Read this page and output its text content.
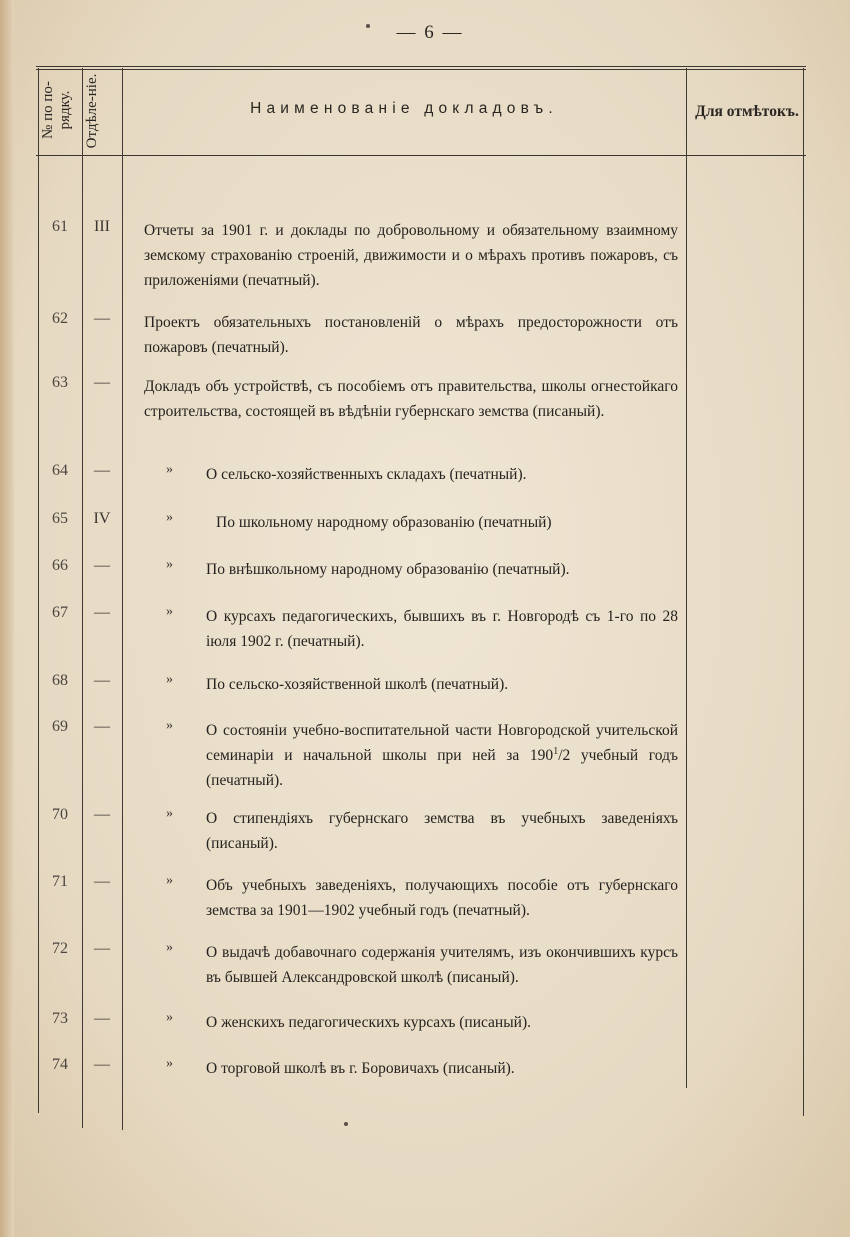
— 6 —
№ по по-рядку. Отдѣле-ніе.	Наименованіе докладовъ.	Для отмѣтокъ.
61	III	Отчеты за 1901 г. и доклады по добровольному и обязательному взаимному земскому страхованію строеній, движимости и о мѣрахъ противъ пожаровъ, съ приложеніями (печатный).
62	—	Проектъ обязательныхъ постановленій о мѣрахъ предосторожности отъ пожаровъ (печатный).
63	—	Докладъ объ устройствѣ, съ пособіемъ отъ правительства, школы огнестойкаго строительства, состоящей въ вѣдѣніи губернскаго земства (писаный).
64	—	» О сельско-хозяйственныхъ складахъ (печатный).
65	IV	»	По школьному народному образованію (печатный)
66	—	» По внѣшкольному народному образованію (печатный).
67	—	» О курсахъ педагогическихъ, бывшихъ въ г. Новгородѣ съ 1-го по 28 іюля 1902 г. (печатный).
68	—	» По сельско-хозяйственной школѣ (печатный).
69	—	» О состояніи учебно-воспитательной части Новгородской учительской семинаріи и начальной школы при ней за $190^1/2$ учебный годъ (печатный).
70	—	» О стипендіяхъ губернскаго земства въ учебныхъ заведеніяхъ (писаный).
71	—	» Объ учебныхъ заведеніяхъ, получающихъ пособіе отъ губернскаго земства за 1901—1902 учебный годъ (печатный).
72	—	» О выдачѣ добавочнаго содержанія учителямъ, изъ окончившихъ курсъ въ бывшей Александровской школѣ (писаный).
73	—	» О женскихъ педагогическихъ курсахъ (писаный).
74	—	» О торговой школѣ въ г. Боровичахъ (писаный).
